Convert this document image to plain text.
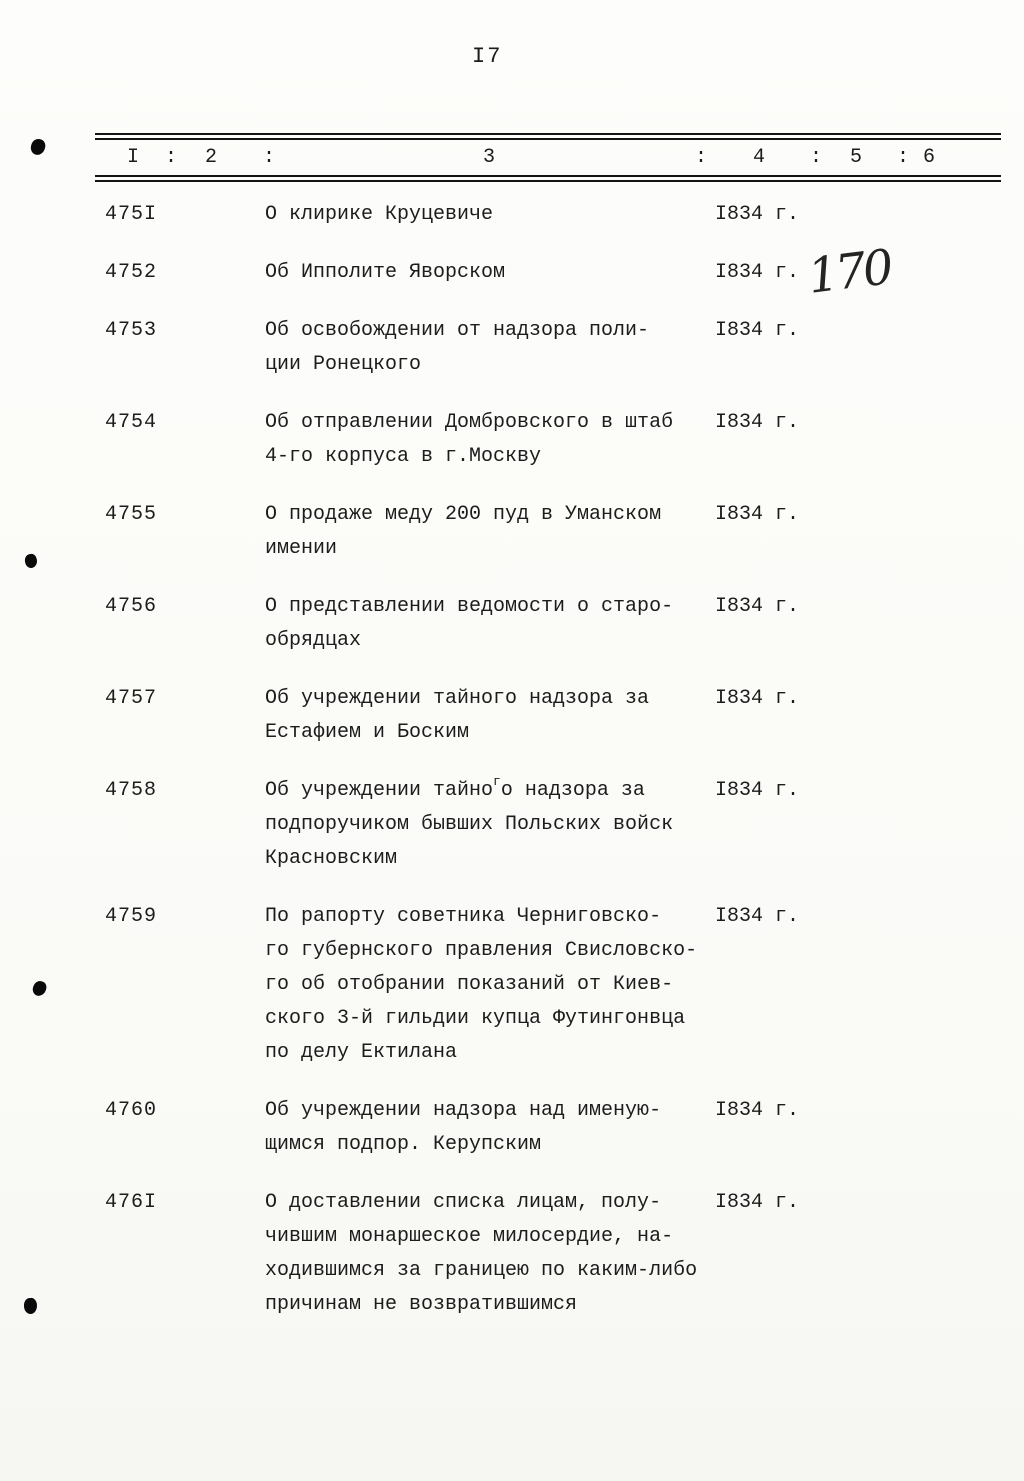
I7
I : 2 :	3	: 4 : 5 : 6
475I	О клирике Круцевиче	I834 г.
4752	Об Ипполите Яворском	I834 г.
4753	Об освобождении от надзора поли-
ции Ронецкого
I834 г.
4754	Об отправлении Домбровского в штаб
4-го корпуса в г.Москву
I834 г.
4755	О продаже меду 200 пуд в Уманском
имении
I834 г.
4756	О представлении ведомости о старо-
обрядцах
I834 г.
4757	Об учреждении тайного надзора за
Естафием и Боским
I834 г.
4758	Об учреждении тайно$^г$о надзора за
подпоручиком бывших Польских войск
Красновским
I834 г.
4759	По рапорту советника Черниговско-
го губернского правления Свисловско-
го об отобрании показаний от Киев-
ского 3-й гильдии купца Футингонвца
по делу Ектилана
I834 г.
4760	Об учреждении надзора над именую-
щимся подпор. Керупским
I834 г.
476I	О доставлении списка лицам, полу-
чившим монаршеское милосердие, на-
ходившимся за границею по каким-либо
причинам не возвратившимся
I834 г.
170
